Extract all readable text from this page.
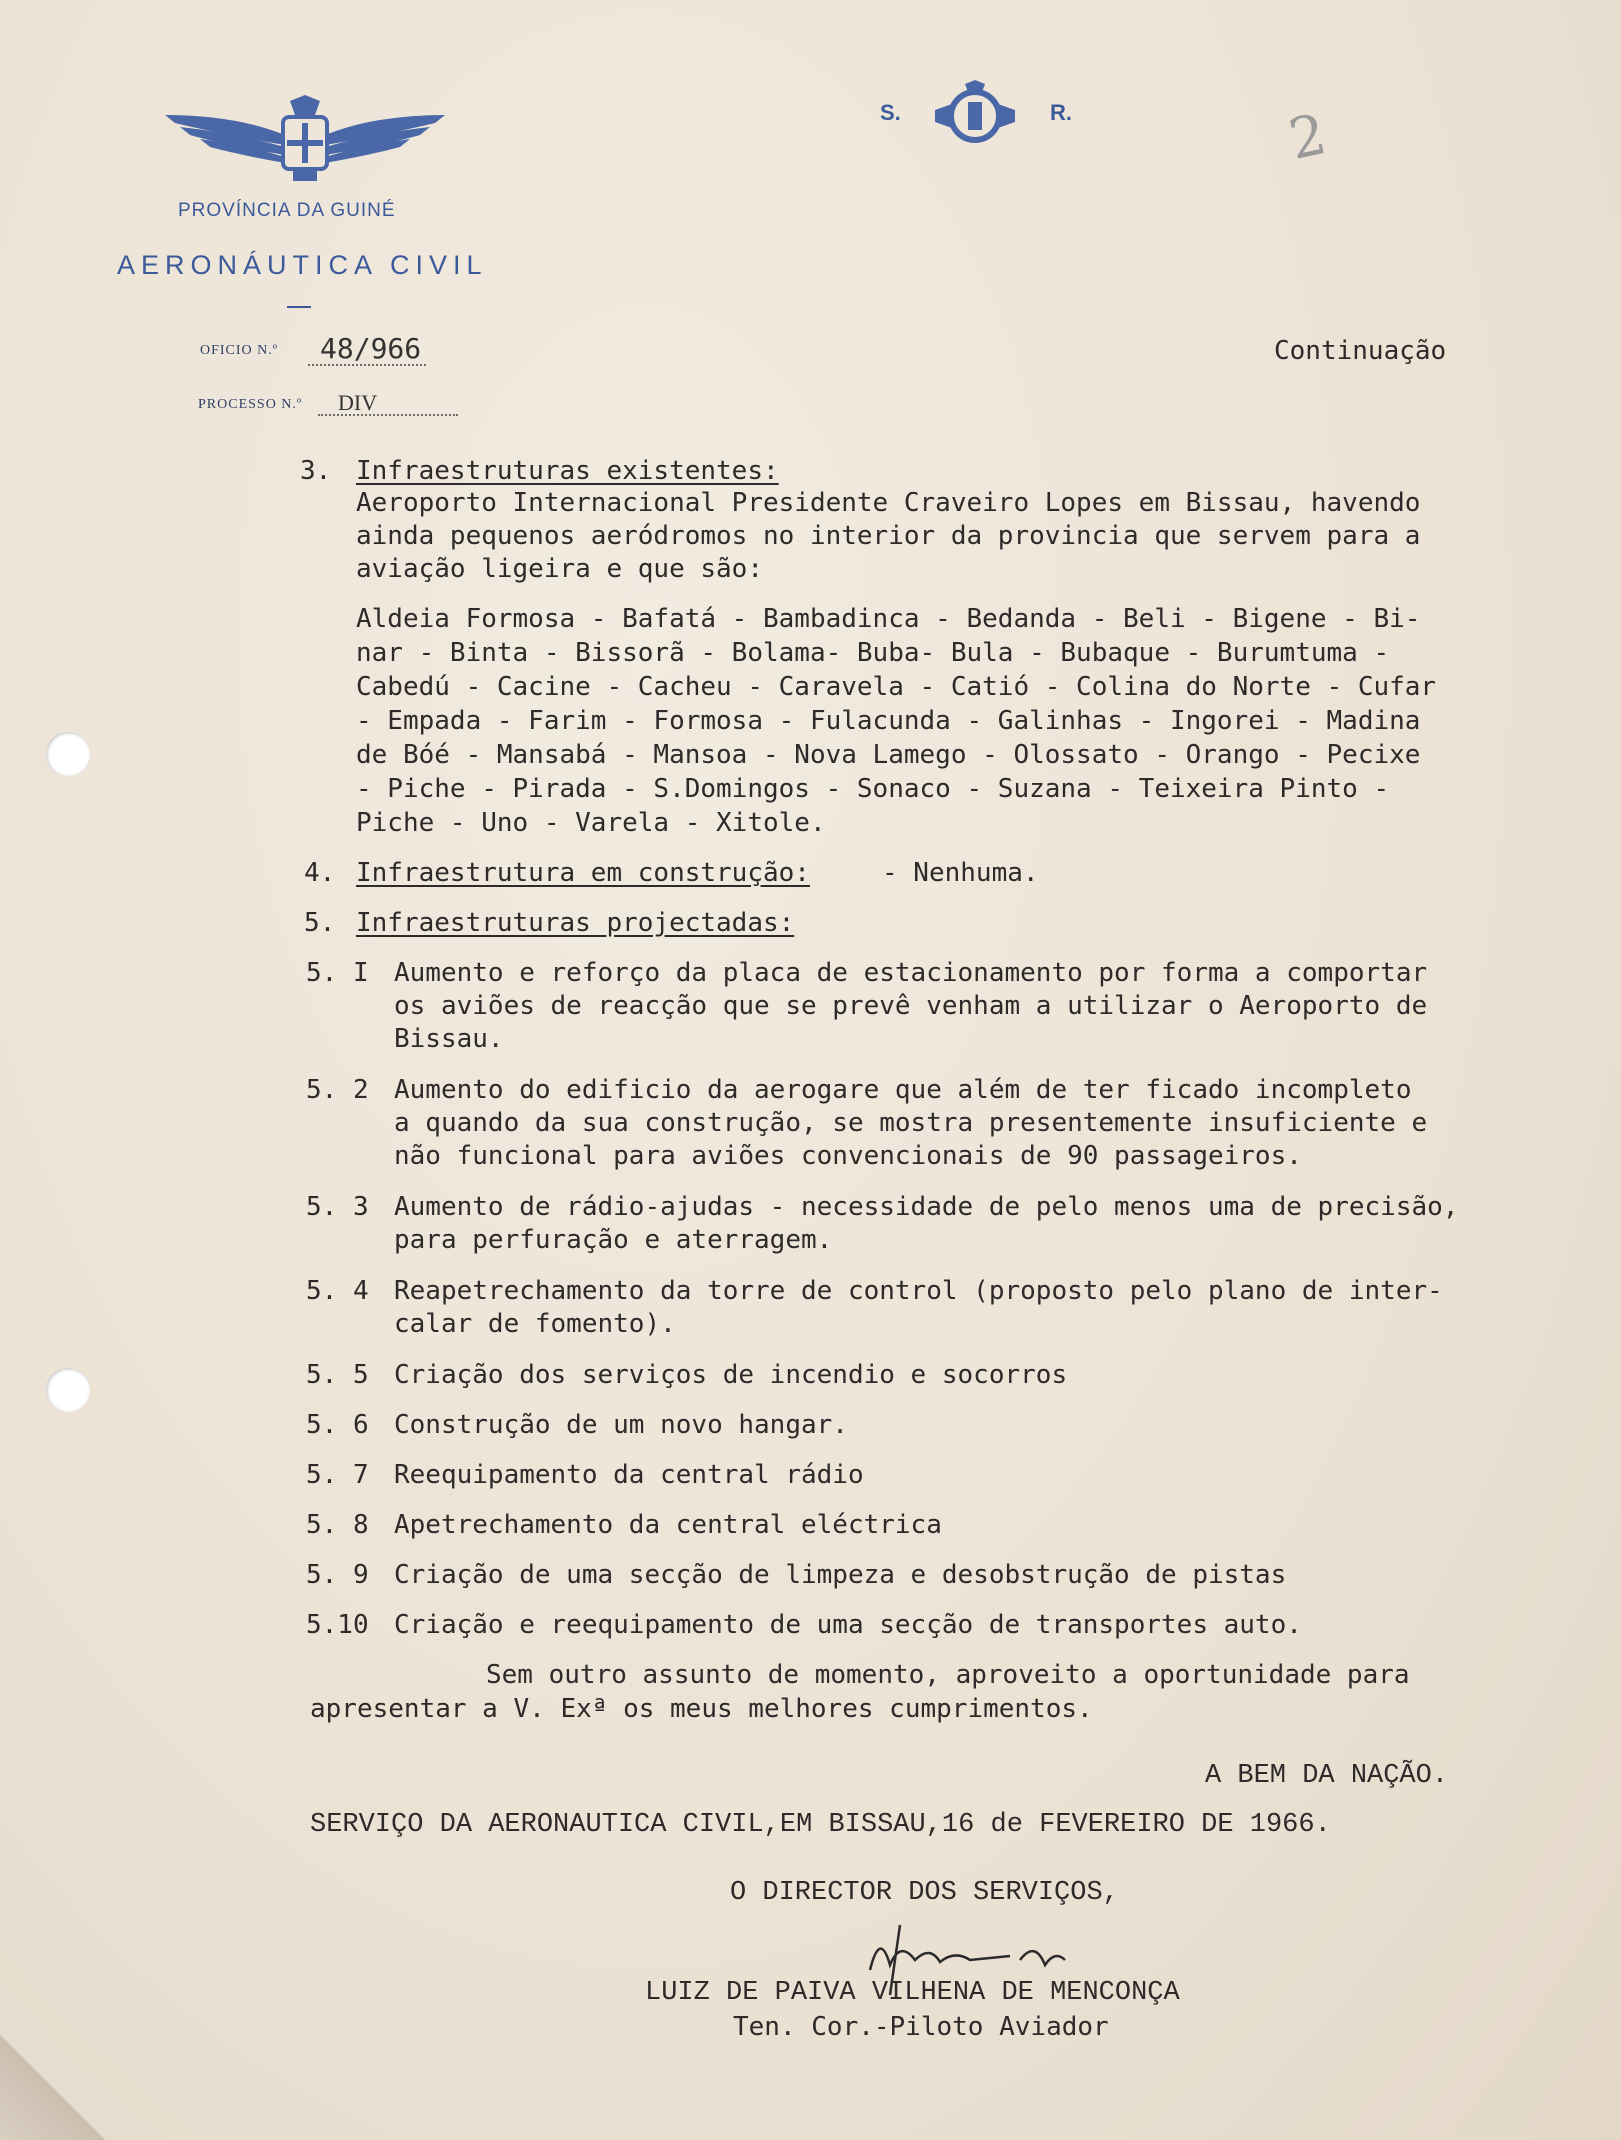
S.	R.	2
PROVÍNCIA DA GUINÉ
AERONÁUTICA CIVIL
OFICIO N.º 48/966
PROCESSO N.º DIV
Continuação
3. Infraestruturas existentes:
Aeroporto Internacional Presidente Craveiro Lopes em Bissau, havendo
ainda pequenos aeródromos no interior da provincia que servem para a
aviação ligeira e que são:
Aldeia Formosa - Bafatá - Bambadinca - Bedanda - Beli - Bigene - Bi-
nar - Binta - Bissorã - Bolama- Buba- Bula - Bubaque - Burumtuma -
Cabedú - Cacine - Cacheu - Caravela - Catió - Colina do Norte - Cufar
- Empada - Farim - Formosa - Fulacunda - Galinhas - Ingorei - Madina
de Bóé - Mansabá - Mansoa - Nova Lamego - Olossato - Orango - Pecixe
- Piche - Pirada - S.Domingos - Sonaco - Suzana - Teixeira Pinto -
Piche - Uno - Varela - Xitole.
4. Infraestrutura em construção:	- Nenhuma.
5. Infraestruturas projectadas:
5. I Aumento e reforço da placa de estacionamento por forma a comportar
os aviões de reacção que se prevê venham a utilizar o Aeroporto de
Bissau.
5. 2 Aumento do edificio da aerogare que além de ter ficado incompleto
a quando da sua construção, se mostra presentemente insuficiente e
não funcional para aviões convencionais de 90 passageiros.
5. 3 Aumento de rádio-ajudas - necessidade de pelo menos uma de precisão,
para perfuração e aterragem.
5. 4 Reapetrechamento da torre de control (proposto pelo plano de inter-
calar de fomento).
5. 5 Criação dos serviços de incendio e socorros
5. 6 Construção de um novo hangar.
5. 7 Reequipamento da central rádio
5. 8 Apetrechamento da central eléctrica
5. 9 Criação de uma secção de limpeza e desobstrução de pistas
5.10 Criação e reequipamento de uma secção de transportes auto.
Sem outro assunto de momento, aproveito a oportunidade para
apresentar a V. Exª os meus melhores cumprimentos.
A BEM DA NAÇÃO.
SERVIÇO DA AERONAUTICA CIVIL,EM BISSAU,16 de FEVEREIRO DE 1966.
O DIRECTOR DOS SERVIÇOS,
LUIZ DE PAIVA VILHENA DE MENCONÇA
Ten. Cor.-Piloto Aviador
